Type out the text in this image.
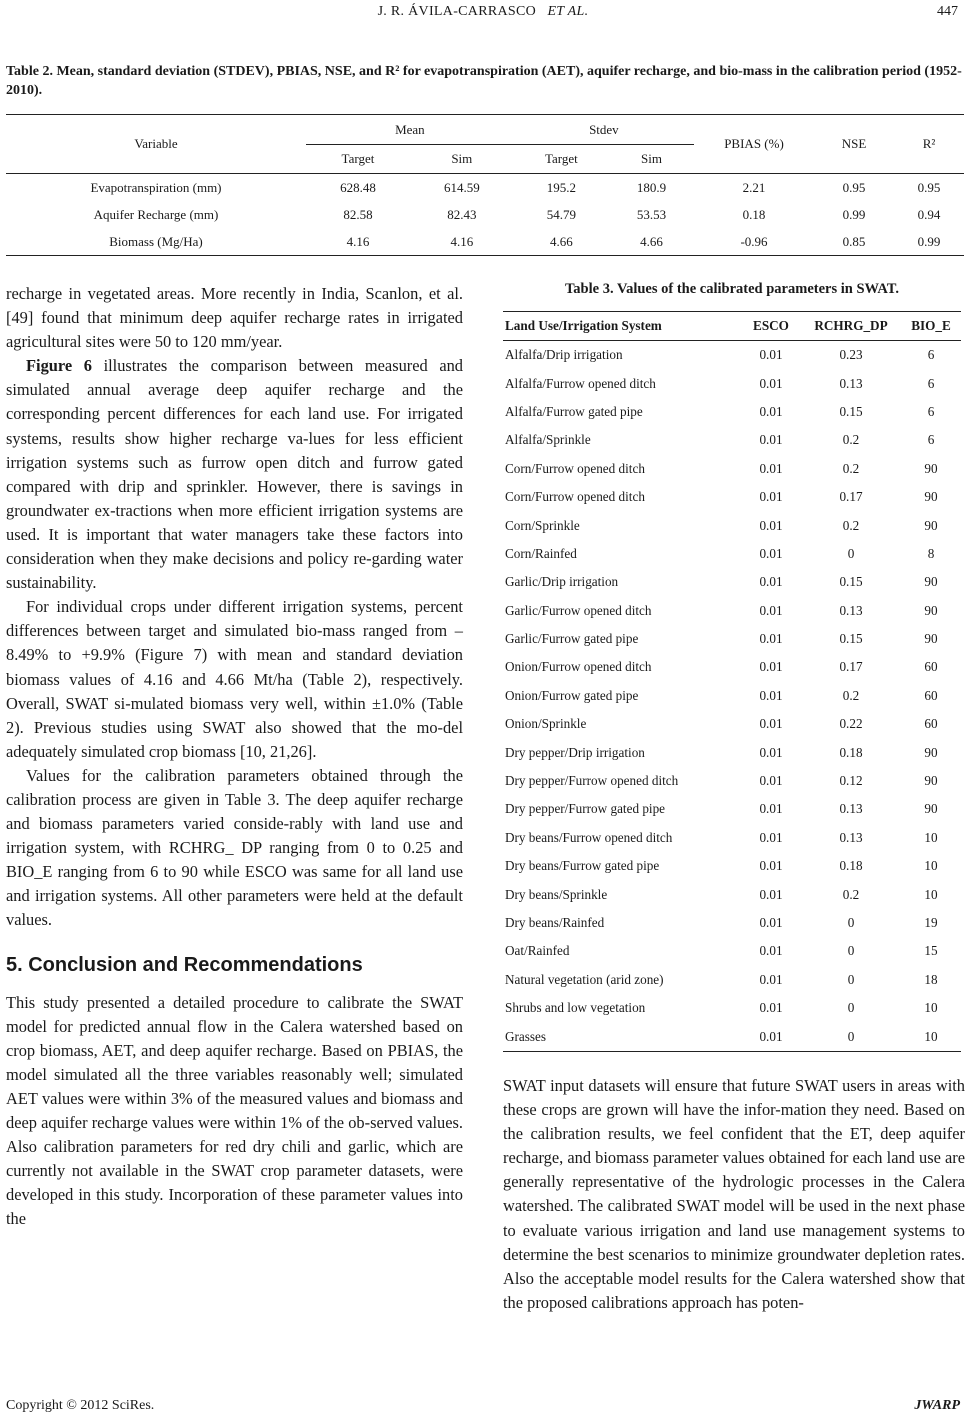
J. R. ÁVILA-CARRASCO ET AL.	447
Table 2. Mean, standard deviation (STDEV), PBIAS, NSE, and R² for evapotranspiration (AET), aquifer recharge, and bio-mass in the calibration period (1952-2010).
Variable	Mean		Stdev		PBIAS (%)	NSE	R²
	Target	Sim	Target	Sim			
Evapotranspiration (mm)	628.48	614.59	195.2	180.9	2.21	0.95	0.95
Aquifer Recharge (mm)	82.58	82.43	54.79	53.53	0.18	0.99	0.94
Biomass (Mg/Ha)	4.16	4.16	4.66	4.66	-0.96	0.85	0.99

recharge in vegetated areas. More recently in India, Scanlon, et al. [49] found that minimum deep aquifer recharge rates in irrigated agricultural sites were 50 to 120 mm/year.

Figure 6 illustrates the comparison between measured and simulated annual average deep aquifer recharge and the corresponding percent differences for each land use. For irrigated systems, results show higher recharge va-lues for less efficient irrigation systems such as furrow open ditch and furrow gated compared with drip and sprinkler. However, there is savings in groundwater ex-tractions when more efficient irrigation systems are used. It is important that water managers take these factors into consideration when they make decisions and policy re-garding water sustainability.

For individual crops under different irrigation systems, percent differences between target and simulated bio-mass ranged from –8.49% to +9.9% (Figure 7) with mean and standard deviation biomass values of 4.16 and 4.66 Mt/ha (Table 2), respectively. Overall, SWAT si-mulated biomass very well, within ±1.0% (Table 2). Previous studies using SWAT also showed that the mo-del adequately simulated crop biomass [10, 21,26].

Values for the calibration parameters obtained through the calibration process are given in Table 3. The deep aquifer recharge and biomass parameters varied conside-rably with land use and irrigation system, with RCHRG_ DP ranging from 0 to 0.25 and BIO_E ranging from 6 to 90 while ESCO was same for all land use and irrigation systems. All other parameters were held at the default values.

5. Conclusion and Recommendations

This study presented a detailed procedure to calibrate the SWAT model for predicted annual flow in the Calera watershed based on crop biomass, AET, and deep aquifer recharge. Based on PBIAS, the model simulated all the three variables reasonably well; simulated AET values were within 3% of the measured values and biomass and deep aquifer recharge values were within 1% of the ob-served values. Also calibration parameters for red dry chili and garlic, which are currently not available in the SWAT crop parameter datasets, were developed in this study. Incorporation of these parameter values into the

Table 3. Values of the calibrated parameters in SWAT.
Land Use/Irrigation System	ESCO	RCHRG_DP	BIO_E
Alfalfa/Drip irrigation	0.01	0.23	6
Alfalfa/Furrow opened ditch	0.01	0.13	6
Alfalfa/Furrow gated pipe	0.01	0.15	6
Alfalfa/Sprinkle	0.01	0.2	6
Corn/Furrow opened ditch	0.01	0.2	90
Corn/Furrow opened ditch	0.01	0.17	90
Corn/Sprinkle	0.01	0.2	90
Corn/Rainfed	0.01	0	8
Garlic/Drip irrigation	0.01	0.15	90
Garlic/Furrow opened ditch	0.01	0.13	90
Garlic/Furrow gated pipe	0.01	0.15	90
Onion/Furrow opened ditch	0.01	0.17	60
Onion/Furrow gated pipe	0.01	0.2	60
Onion/Sprinkle	0.01	0.22	60
Dry pepper/Drip irrigation	0.01	0.18	90
Dry pepper/Furrow opened ditch	0.01	0.12	90
Dry pepper/Furrow gated pipe	0.01	0.13	90
Dry beans/Furrow opened ditch	0.01	0.13	10
Dry beans/Furrow gated pipe	0.01	0.18	10
Dry beans/Sprinkle	0.01	0.2	10
Dry beans/Rainfed	0.01	0	19
Oat/Rainfed	0.01	0	15
Natural vegetation (arid zone)	0.01	0	18
Shrubs and low vegetation	0.01	0	10
Grasses	0.01	0	10

SWAT input datasets will ensure that future SWAT users in areas with these crops are grown will have the infor-mation they need. Based on the calibration results, we feel confident that the ET, deep aquifer recharge, and biomass parameter values obtained for each land use are generally representative of the hydrologic processes in the Calera watershed. The calibrated SWAT model will be used in the next phase to evaluate various irrigation and land use management systems to determine the best scenarios to minimize groundwater depletion rates. Also the acceptable model results for the Calera watershed show that the proposed calibrations approach has poten-

Copyright © 2012 SciRes.	JWARP
